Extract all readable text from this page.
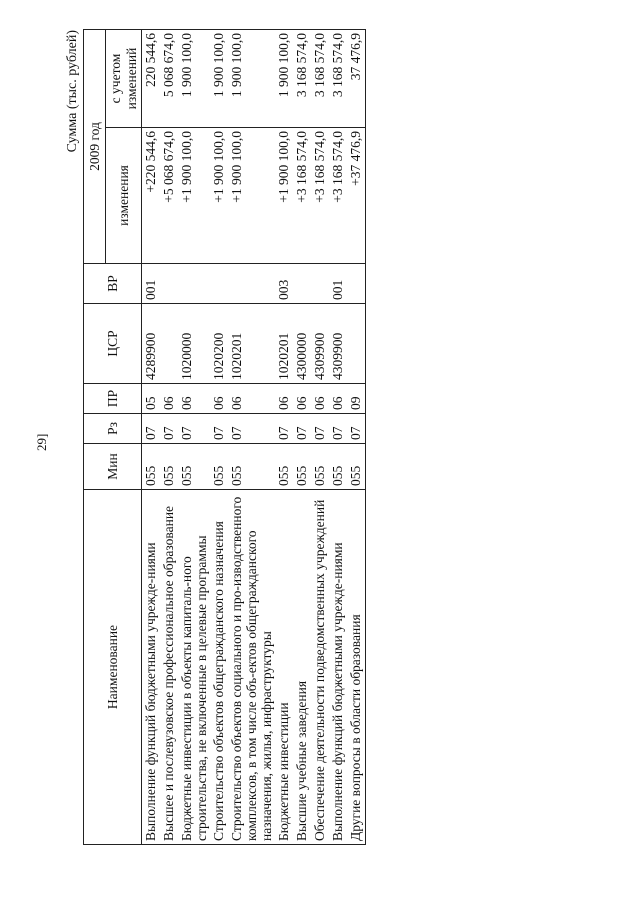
29]
Сумма (тыс. рублей)
Наименование	Мин	Рз	ПР	ЦСР	ВР	2009 год	
						изменения	с учетом изменений
Выполнение функций бюджетными учрежде-ниями	055	07	05	4289900	001	+220 544,6	220 544,6
Высшее и послевузовское профессиональное образование	055	07	06			+5 068 674,0	5 068 674,0
Бюджетные инвестиции в объекты капиталь-ного строительства, не включенные в целевые программы	055	07	06	1020000		+1 900 100,0	1 900 100,0
Строительство объектов общегражданского назначения	055	07	06	1020200		+1 900 100,0	1 900 100,0
Строительство объектов социального и про-изводственного комплексов, в том числе объ-ектов общегражданского назначения, жилья, инфраструктуры	055	07	06	1020201		+1 900 100,0	1 900 100,0
Бюджетные инвестиции	055	07	06	1020201	003	+1 900 100,0	1 900 100,0
Высшие учебные заведения	055	07	06	4300000		+3 168 574,0	3 168 574,0
Обеспечение деятельности подведомственных учреждений	055	07	06	4309900		+3 168 574,0	3 168 574,0
Выполнение функций бюджетными учрежде-ниями	055	07	06	4309900	001	+3 168 574,0	3 168 574,0
Другие вопросы в области образования	055	07	09			+37 476,9	37 476,9
